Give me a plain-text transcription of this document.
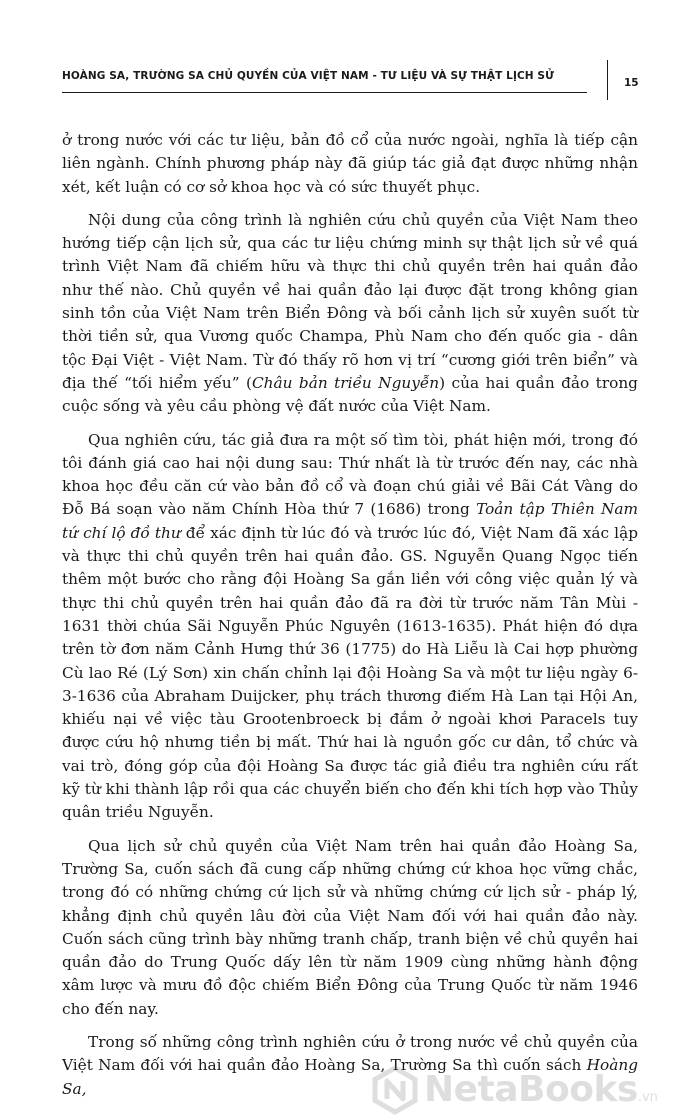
HOÀNG SA, TRƯỜNG SA CHỦ QUYỀN CỦA VIỆT NAM - TƯ LIỆU VÀ SỰ THẬT LỊCH SỬ
15

ở trong nước với các tư liệu, bản đồ cổ của nước ngoài, nghĩa là tiếp cận liên ngành. Chính phương pháp này đã giúp tác giả đạt được những nhận xét, kết luận có cơ sở khoa học và có sức thuyết phục.

Nội dung của công trình là nghiên cứu chủ quyền của Việt Nam theo hướng tiếp cận lịch sử, qua các tư liệu chứng minh sự thật lịch sử về quá trình Việt Nam đã chiếm hữu và thực thi chủ quyền trên hai quần đảo như thế nào. Chủ quyền về hai quần đảo lại được đặt trong không gian sinh tồn của Việt Nam trên Biển Đông và bối cảnh lịch sử xuyên suốt từ thời tiền sử, qua Vương quốc Champa, Phù Nam cho đến quốc gia - dân tộc Đại Việt - Việt Nam. Từ đó thấy rõ hơn vị trí “cương giới trên biển” và địa thế “tối hiểm yếu” (Châu bản triều Nguyễn) của hai quần đảo trong cuộc sống và yêu cầu phòng vệ đất nước của Việt Nam.

Qua nghiên cứu, tác giả đưa ra một số tìm tòi, phát hiện mới, trong đó tôi đánh giá cao hai nội dung sau: Thứ nhất là từ trước đến nay, các nhà khoa học đều căn cứ vào bản đồ cổ và đoạn chú giải về Bãi Cát Vàng do Đỗ Bá soạn vào năm Chính Hòa thứ 7 (1686) trong Toản tập Thiên Nam tứ chí lộ đồ thư để xác định từ lúc đó và trước lúc đó, Việt Nam đã xác lập và thực thi chủ quyền trên hai quần đảo. GS. Nguyễn Quang Ngọc tiến thêm một bước cho rằng đội Hoàng Sa gắn liền với công việc quản lý và thực thi chủ quyền trên hai quần đảo đã ra đời từ trước năm Tân Mùi - 1631 thời chúa Sãi Nguyễn Phúc Nguyên (1613-1635). Phát hiện đó dựa trên tờ đơn năm Cảnh Hưng thứ 36 (1775) do Hà Liễu là Cai hợp phường Cù lao Ré (Lý Sơn) xin chấn chỉnh lại đội Hoàng Sa và một tư liệu ngày 6-3-1636 của Abraham Duijcker, phụ trách thương điếm Hà Lan tại Hội An, khiếu nại về việc tàu Grootenbroeck bị đắm ở ngoài khơi Paracels tuy được cứu hộ nhưng tiền bị mất. Thứ hai là nguồn gốc cư dân, tổ chức và vai trò, đóng góp của đội Hoàng Sa được tác giả điều tra nghiên cứu rất kỹ từ khi thành lập rồi qua các chuyển biến cho đến khi tích hợp vào Thủy quân triều Nguyễn.

Qua lịch sử chủ quyền của Việt Nam trên hai quần đảo Hoàng Sa, Trường Sa, cuốn sách đã cung cấp những chứng cứ khoa học vững chắc, trong đó có những chứng cứ lịch sử và những chứng cứ lịch sử - pháp lý, khẳng định chủ quyền lâu đời của Việt Nam đối với hai quần đảo này. Cuốn sách cũng trình bày những tranh chấp, tranh biện về chủ quyền hai quần đảo do Trung Quốc dấy lên từ năm 1909 cùng những hành động xâm lược và mưu đồ độc chiếm Biển Đông của Trung Quốc từ năm 1946 cho đến nay.

Trong số những công trình nghiên cứu ở trong nước về chủ quyền của Việt Nam đối với hai quần đảo Hoàng Sa, Trường Sa thì cuốn sách Hoàng Sa,	NetaBooks.vn
